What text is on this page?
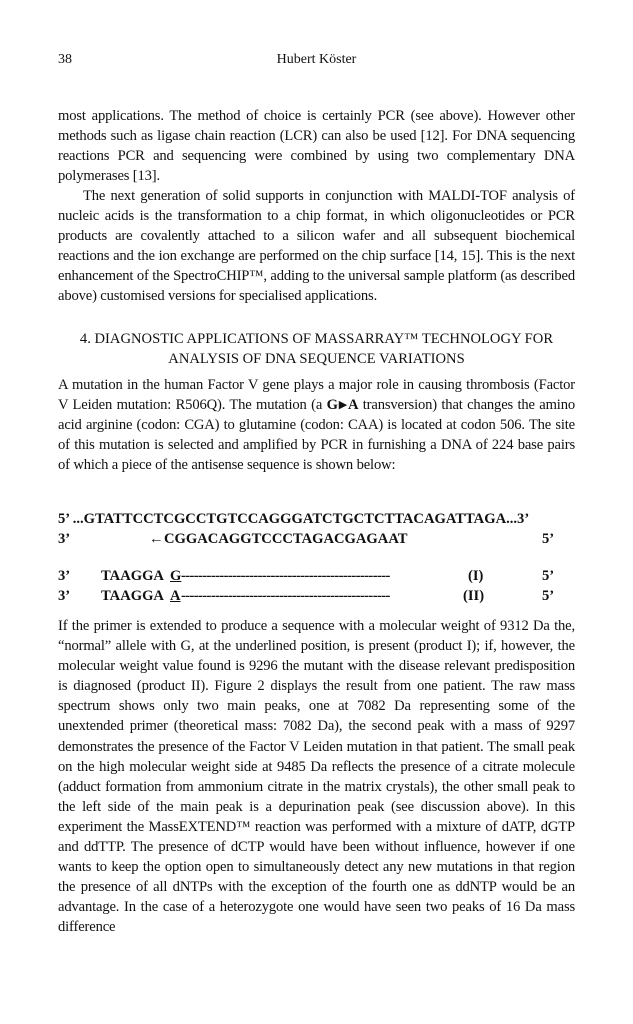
38	Hubert Köster
most applications. The method of choice is certainly PCR (see above). However other methods such as ligase chain reaction (LCR) can also be used [12]. For DNA sequencing reactions PCR and sequencing were combined by using two complementary DNA polymerases [13].
The next generation of solid supports in conjunction with MALDI-TOF analysis of nucleic acids is the transformation to a chip format, in which oligonucleotides or PCR products are covalently attached to a silicon wafer and all subsequent biochemical reactions and the ion exchange are performed on the chip surface [14, 15]. This is the next enhancement of the SpectroCHIP™, adding to the universal sample platform (as described above) customised versions for specialised applications.
4. DIAGNOSTIC APPLICATIONS OF MASSARRAY™ TECHNOLOGY FOR
ANALYSIS OF DNA SEQUENCE VARIATIONS
A mutation in the human Factor V gene plays a major role in causing thrombosis (Factor V Leiden mutation: R506Q). The mutation (a G▶A transversion) that changes the amino acid arginine (codon: CGA) to glutamine (codon: CAA) is located at codon 506. The site of this mutation is selected and amplified by PCR in furnishing a DNA of 224 base pairs of which a piece of the antisense sequence is shown below:
5’ ...GTATTCCTCGCCTGTCCAGGGATCTGCTCTTACAGATTAGA...3’
3’	← CGGACAGGTCCCTAGACGAGAAT	5’
3’ TAAGGA G -------------------------------------------------	(I)	5’
3’ TAAGGA A -------------------------------------------------	(II)	5’
If the primer is extended to produce a sequence with a molecular weight of 9312 Da the, “normal” allele with G, at the underlined position, is present (product I); if, however, the molecular weight value found is 9296 the mutant with the disease relevant predisposition is diagnosed (product II). Figure 2 displays the result from one patient. The raw mass spectrum shows only two main peaks, one at 7082 Da representing some of the unextended primer (theoretical mass: 7082 Da), the second peak with a mass of 9297 demonstrates the presence of the Factor V Leiden mutation in that patient. The small peak on the high molecular weight side at 9485 Da reflects the presence of a citrate molecule (adduct formation from ammonium citrate in the matrix crystals), the other small peak to the left side of the main peak is a depurination peak (see discussion above). In this experiment the MassEXTEND™ reaction was performed with a mixture of dATP, dGTP and ddTTP. The presence of dCTP would have been without influence, however if one wants to keep the option open to simultaneously detect any new mutations in that region the presence of all dNTPs with the exception of the fourth one as ddNTP would be an advantage. In the case of a heterozygote one would have seen two peaks of 16 Da mass difference
